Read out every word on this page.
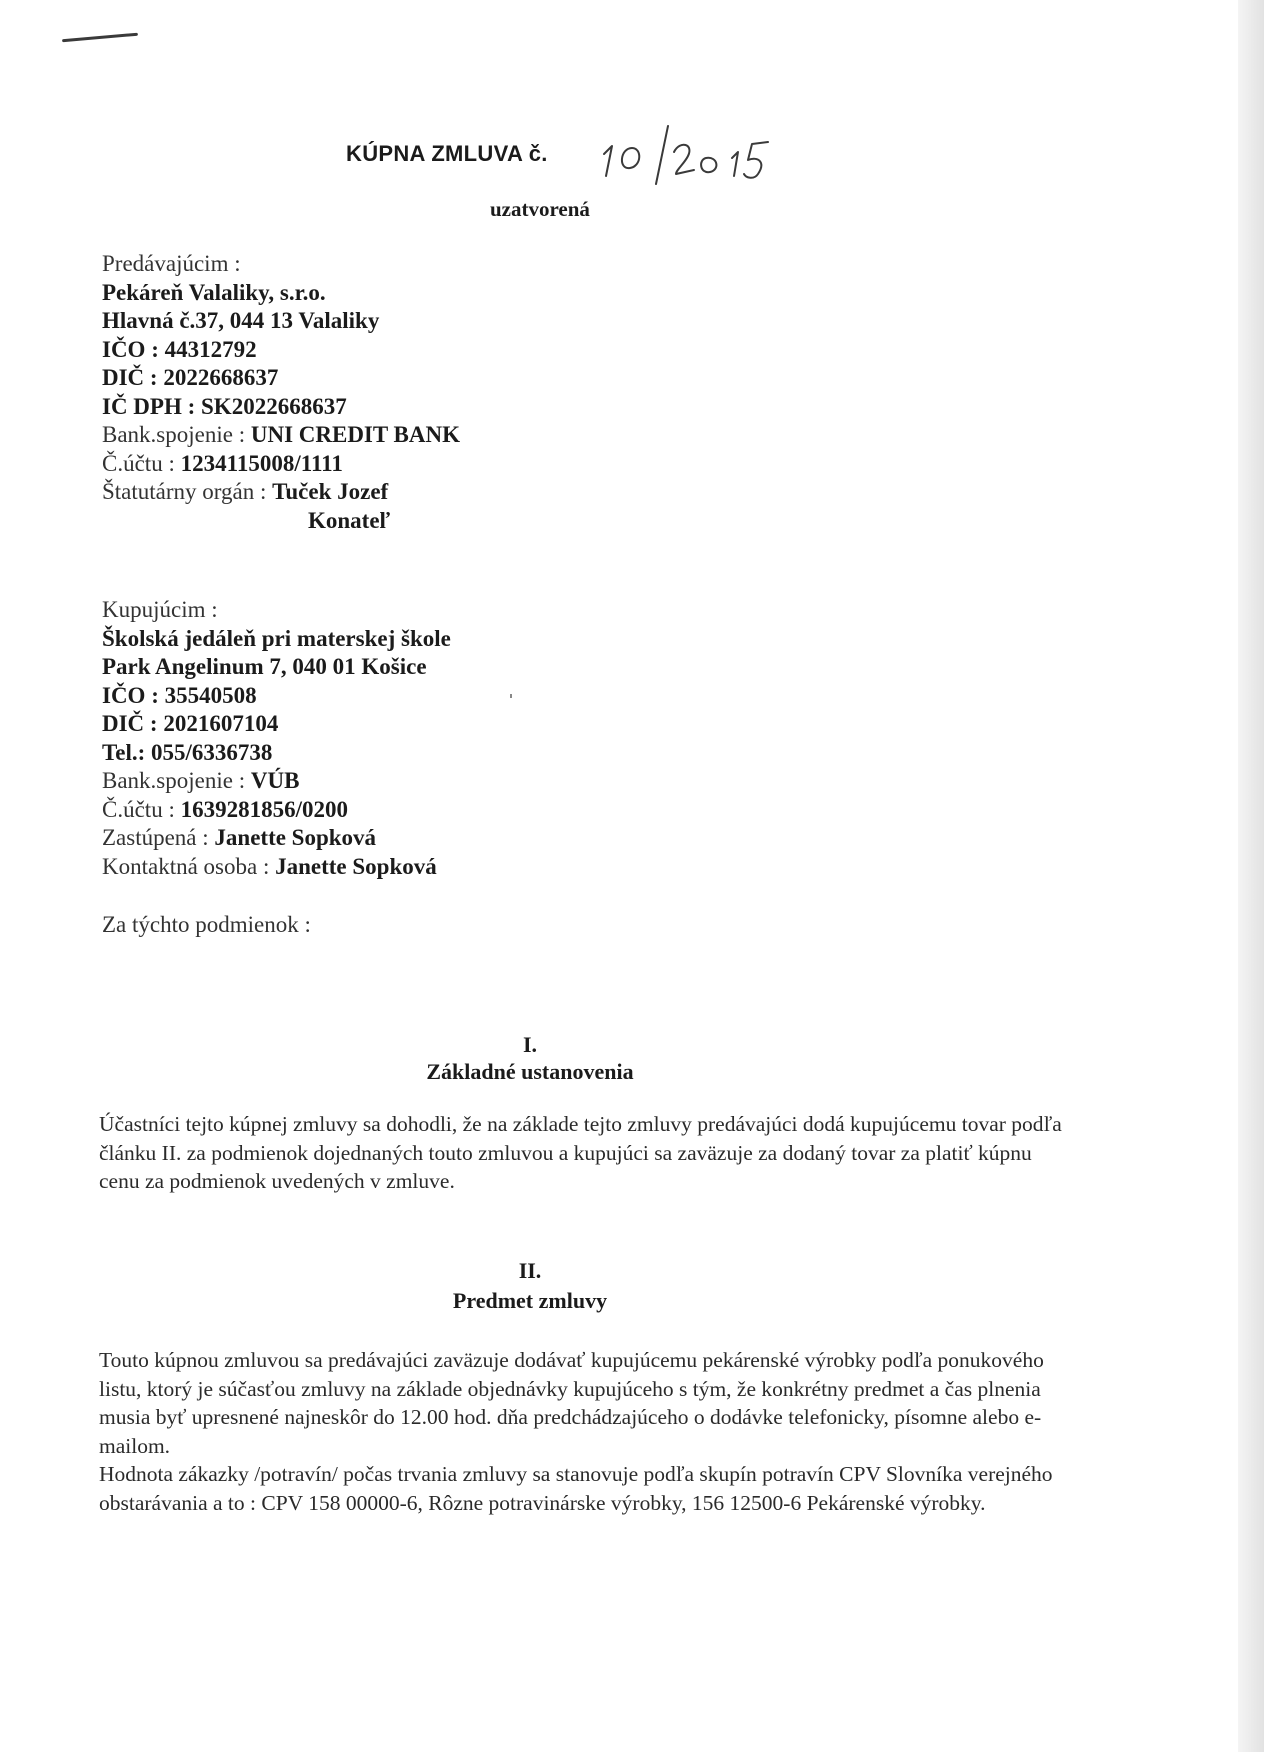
KÚPNA ZMLUVA č.
uzatvorená
Predávajúcim :
Pekáreň Valaliky, s.r.o.
Hlavná č.37, 044 13 Valaliky
IČO : 44312792
DIČ : 2022668637
IČ DPH : SK2022668637
Bank.spojenie : UNI CREDIT BANK
Č.účtu : 1234115008/1111
Štatutárny orgán : Tuček Jozef
Konateľ
Kupujúcim :
Školská jedáleň pri materskej škole
Park Angelinum 7, 040 01 Košice
IČO : 35540508
DIČ : 2021607104
Tel.: 055/6336738
Bank.spojenie : VÚB
Č.účtu : 1639281856/0200
Zastúpená : Janette Sopková
Kontaktná osoba : Janette Sopková
Za týchto podmienok :
I.
Základné ustanovenia
Účastníci tejto kúpnej zmluvy sa dohodli, že na základe tejto zmluvy predávajúci dodá kupujúcemu tovar podľa
článku II. za podmienok dojednaných touto zmluvou a kupujúci sa zaväzuje za dodaný tovar za platiť kúpnu
cenu za podmienok uvedených v zmluve.
II.
Predmet zmluvy
Touto kúpnou zmluvou sa predávajúci zaväzuje dodávať kupujúcemu pekárenské výrobky podľa ponukového
listu, ktorý je súčasťou zmluvy na základe objednávky kupujúceho s tým, že konkrétny predmet a čas plnenia
musia byť upresnené najneskôr do 12.00 hod. dňa predchádzajúceho o dodávke telefonicky, písomne alebo e-
mailom.
Hodnota zákazky /potravín/ počas trvania zmluvy sa stanovuje podľa skupín potravín CPV Slovníka verejného
obstarávania a to : CPV 158 00000-6, Rôzne potravinárske výrobky, 156 12500-6 Pekárenské výrobky.
